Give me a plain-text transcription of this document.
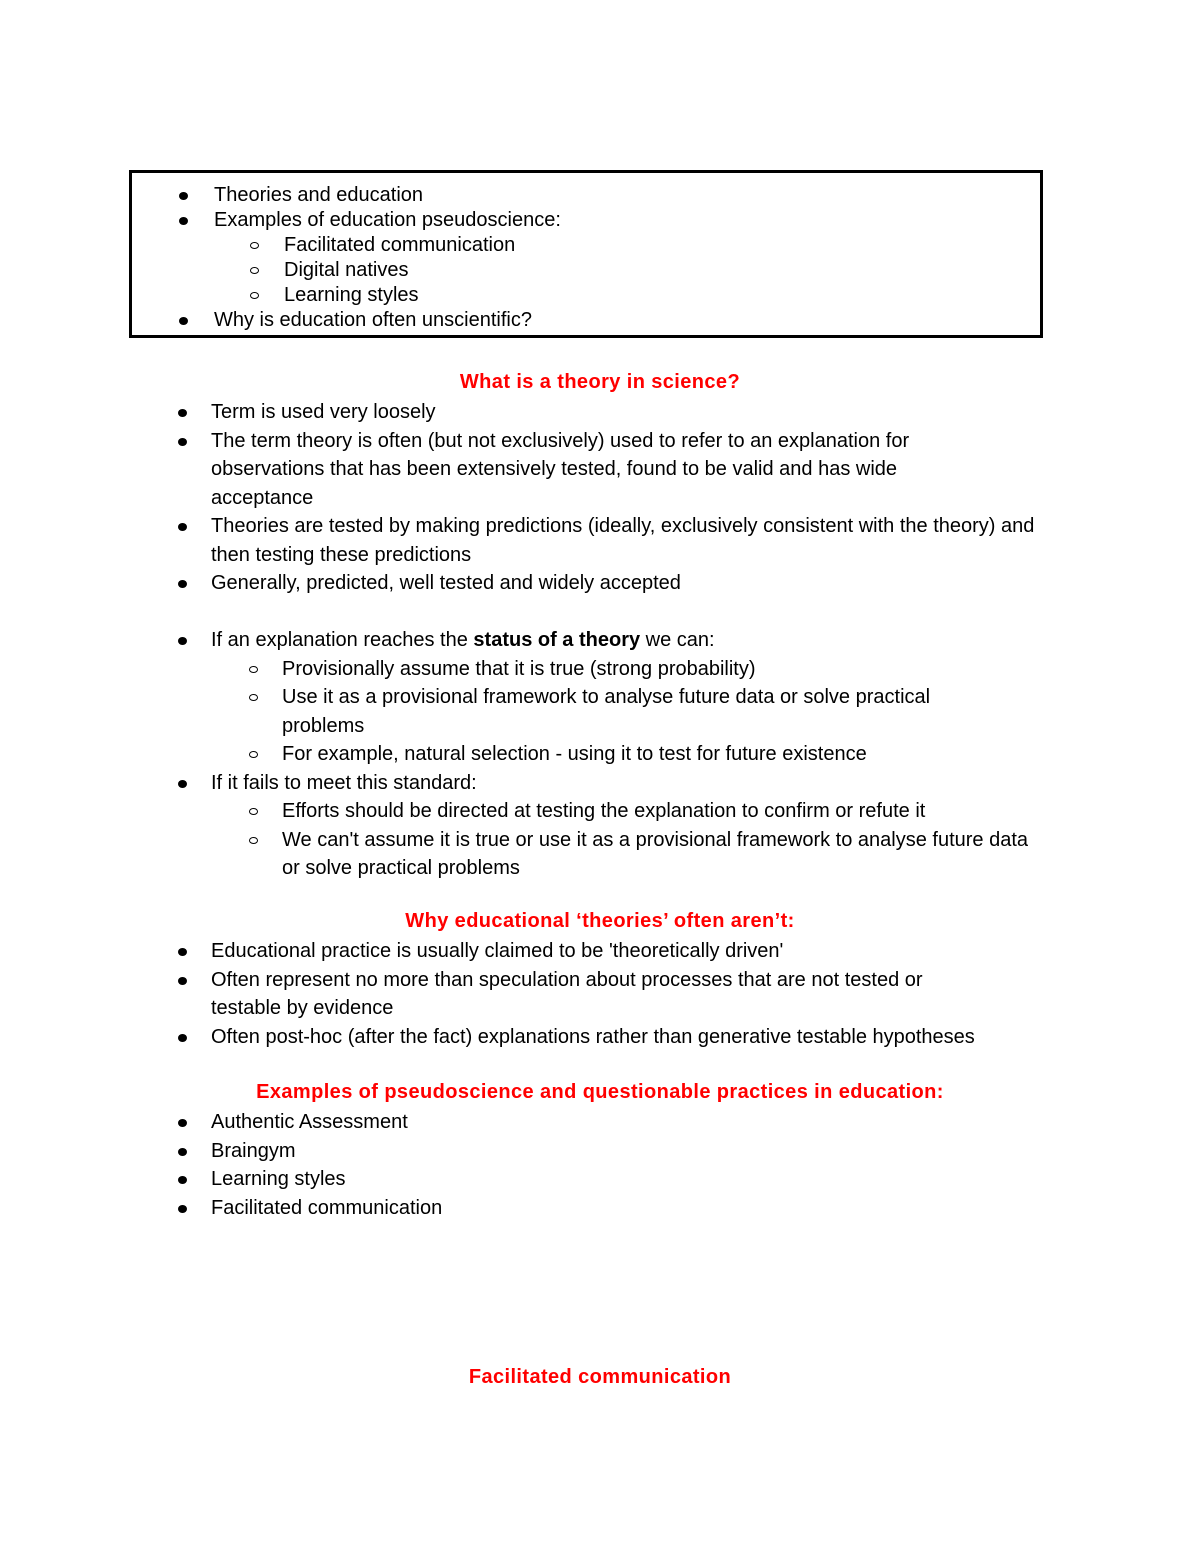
Theories and education
Examples of education pseudoscience:
Facilitated communication
Digital natives
Learning styles
Why is education often unscientific?
What is a theory in science?
Term is used very loosely
The term theory is often (but not exclusively) used to refer to an explanation for observations that has been extensively tested, found to be valid and has wide acceptance
Theories are tested by making predictions (ideally, exclusively consistent with the theory) and then testing these predictions
Generally, predicted, well tested and widely accepted
If an explanation reaches the status of a theory we can:
Provisionally assume that it is true (strong probability)
Use it as a provisional framework to analyse future data or solve practical problems
For example, natural selection - using it to test for future existence
If it fails to meet this standard:
Efforts should be directed at testing the explanation to confirm or refute it
We can't assume it is true or use it as a provisional framework to analyse future data or solve practical problems
Why educational ‘theories’ often aren’t:
Educational practice is usually claimed to be 'theoretically driven'
Often represent no more than speculation about processes that are not tested or testable by evidence
Often post-hoc (after the fact) explanations rather than generative testable hypotheses
Examples of pseudoscience and questionable practices in education:
Authentic Assessment
Braingym
Learning styles
Facilitated communication
Facilitated communication
